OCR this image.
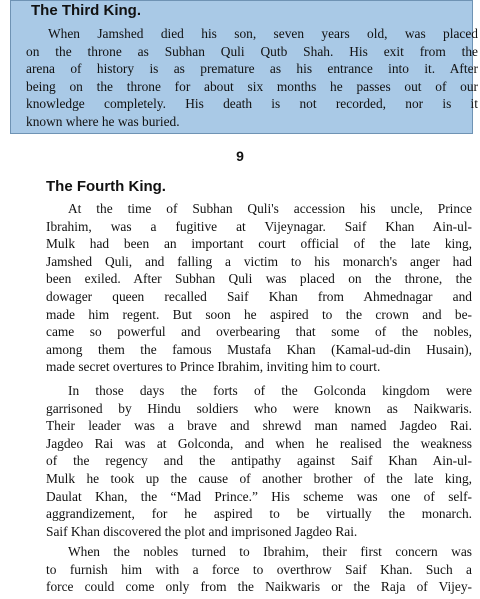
The Third King.
When Jamshed died his son, seven years old, was placed
on the throne as Subhan Quli Qutb Shah. His exit from the
arena of history is as premature as his entrance into it. After
being on the throne for about six months he passes out of our
knowledge completely. His death is not recorded, nor is it
known where he was buried.
9
The Fourth King.
At the time of Subhan Quli's accession his uncle, Prince
Ibrahim, was a fugitive at Vijeynagar. Saif Khan Ain-ul-
Mulk had been an important court official of the late king,
Jamshed Quli, and falling a victim to his monarch's anger had
been exiled. After Subhan Quli was placed on the throne, the
dowager queen recalled Saif Khan from Ahmednagar and
made him regent. But soon he aspired to the crown and be-
came so powerful and overbearing that some of the nobles,
among them the famous Mustafa Khan (Kamal-ud-din Husain),
made secret overtures to Prince Ibrahim, inviting him to court.
In those days the forts of the Golconda kingdom were
garrisoned by Hindu soldiers who were known as Naikwaris.
Their leader was a brave and shrewd man named Jagdeo Rai.
Jagdeo Rai was at Golconda, and when he realised the weakness
of the regency and the antipathy against Saif Khan Ain-ul-
Mulk he took up the cause of another brother of the late king,
Daulat Khan, the “Mad Prince.” His scheme was one of self-
aggrandizement, for he aspired to be virtually the monarch.
Saif Khan discovered the plot and imprisoned Jagdeo Rai.
When the nobles turned to Ibrahim, their first concern was
to furnish him with a force to overthrow Saif Khan. Such a
force could come only from the Naikwaris or the Raja of Vijey-
